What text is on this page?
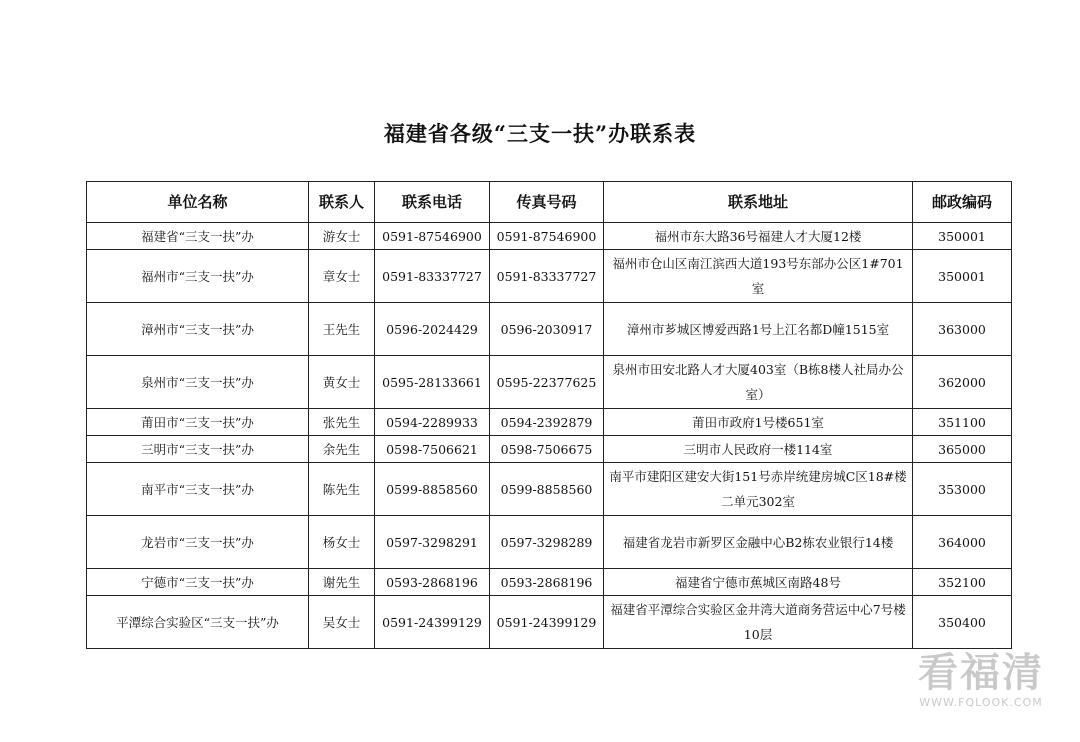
福建省各级“三支一扶”办联系表
单位名称	联系人	联系电话	传真号码	联系地址	邮政编码
福建省“三支一扶”办	游女士	0591-87546900	0591-87546900	福州市东大路36号福建人才大厦12楼	350001
福州市“三支一扶”办	章女士	0591-83337727	0591-83337727	福州市仓山区南江滨西大道193号东部办公区1#701室	350001
漳州市“三支一扶”办	王先生	0596-2024429	0596-2030917	漳州市芗城区博爱西路1号上江名都D幢1515室	363000
泉州市“三支一扶”办	黄女士	0595-28133661	0595-22377625	泉州市田安北路人才大厦403室（B栋8楼人社局办公室）	362000
莆田市“三支一扶”办	张先生	0594-2289933	0594-2392879	莆田市政府1号楼651室	351100
三明市“三支一扶”办	余先生	0598-7506621	0598-7506675	三明市人民政府一楼114室	365000
南平市“三支一扶”办	陈先生	0599-8858560	0599-8858560	南平市建阳区建安大街151号赤岸统建房城C区18#楼二单元302室	353000
龙岩市“三支一扶”办	杨女士	0597-3298291	0597-3298289	福建省龙岩市新罗区金融中心B2栋农业银行14楼	364000
宁德市“三支一扶”办	谢先生	0593-2868196	0593-2868196	福建省宁德市蕉城区南路48号	352100
平潭综合实验区“三支一扶”办	吴女士	0591-24399129	0591-24399129	福建省平潭综合实验区金井湾大道商务营运中心7号楼10层	350400
看福清
WWW.FQLOOK.COM
